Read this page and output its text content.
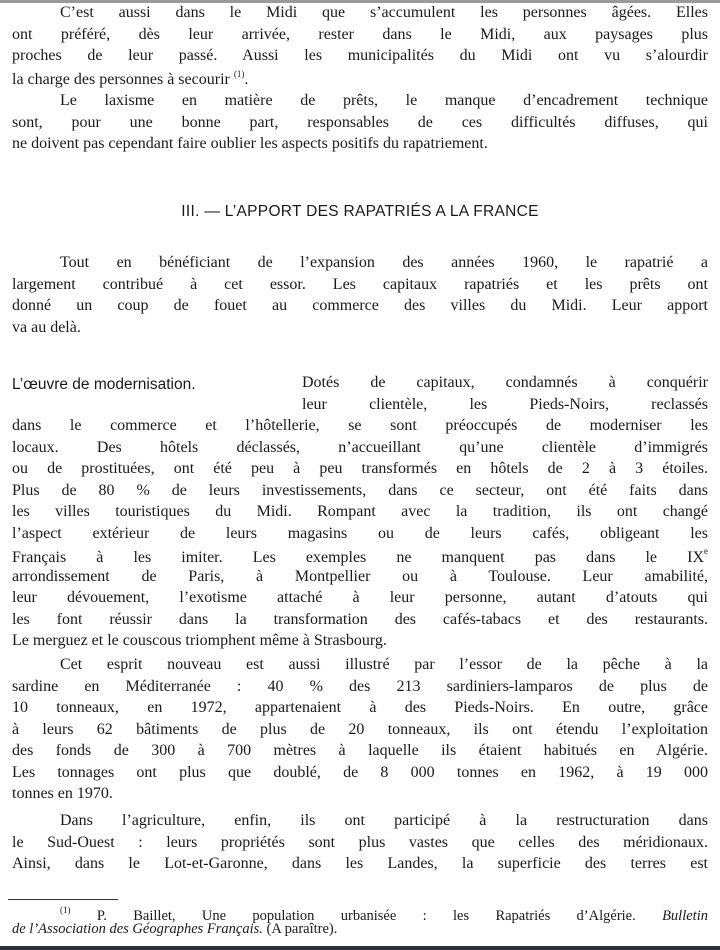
C’est aussi dans le Midi que s’accumulent les personnes âgées. Elles
ont préféré, dès leur arrivée, rester dans le Midi, aux paysages plus
proches de leur passé. Aussi les municipalités du Midi ont vu s’alourdir
la charge des personnes à secourir $^{(1)}$.
Le laxisme en matière de prêts, le manque d’encadrement technique
sont, pour une bonne part, responsables de ces difficultés diffuses, qui
ne doivent pas cependant faire oublier les aspects positifs du rapatriement.
III. — L’APPORT DES RAPATRIÉS A LA FRANCE
Tout en bénéficiant de l’expansion des années 1960, le rapatrié a
largement contribué à cet essor. Les capitaux rapatriés et les prêts ont
donné un coup de fouet au commerce des villes du Midi. Leur apport
va au delà.
L’œuvre de modernisation.	Dotés de capitaux, condamnés à conquérir
leur clientèle, les Pieds-Noirs, reclassés
dans le commerce et l’hôtellerie, se sont préoccupés de moderniser les
locaux. Des hôtels déclassés, n’accueillant qu’une clientèle d’immigrés
ou de prostituées, ont été peu à peu transformés en hôtels de 2 à 3 étoiles.
Plus de 80 % de leurs investissements, dans ce secteur, ont été faits dans
les villes touristiques du Midi. Rompant avec la tradition, ils ont changé
l’aspect extérieur de leurs magasins ou de leurs cafés, obligeant les
Français à les imiter. Les exemples ne manquent pas dans le IXe
arrondissement de Paris, à Montpellier ou à Toulouse. Leur amabilité,
leur dévouement, l’exotisme attaché à leur personne, autant d’atouts qui
les font réussir dans la transformation des cafés-tabacs et des restaurants.
Le merguez et le couscous triomphent même à Strasbourg.
Cet esprit nouveau est aussi illustré par l’essor de la pêche à la
sardine en Méditerranée : 40 % des 213 sardiniers-lamparos de plus de
10 tonneaux, en 1972, appartenaient à des Pieds-Noirs. En outre, grâce
à leurs 62 bâtiments de plus de 20 tonneaux, ils ont étendu l’exploitation
des fonds de 300 à 700 mètres à laquelle ils étaient habitués en Algérie.
Les tonnages ont plus que doublé, de 8 000 tonnes en 1962, à 19 000
tonnes en 1970.
Dans l’agriculture, enfin, ils ont participé à la restructuration dans
le Sud-Ouest : leurs propriétés sont plus vastes que celles des méridionaux.
Ainsi, dans le Lot-et-Garonne, dans les Landes, la superficie des terres est
$^{(1)}$ P. Baillet, Une population urbanisée : les Rapatriés d’Algérie. Bulletin
de l’Association des Géographes Français. (A paraître).
